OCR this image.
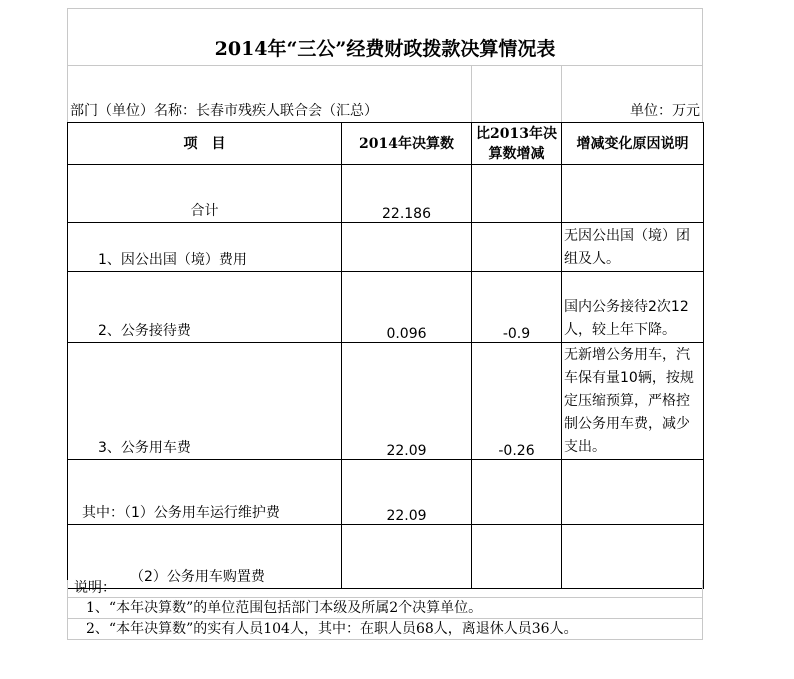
2014年“三公”经费财政拨款决算情况表
部门（单位）名称：长春市残疾人联合会（汇总）	单位：万元
项　目	2014年决算数	比2013年决算数增减	增减变化原因说明

合计	22.186		

1、因公出国（境）费用			无因公出国（境）团组及人。

2、公务接待费	0.096	-0.9	国内公务接待2次12人，较上年下降。

3、公务用车费	22.09	-0.26	无新增公务用车，汽车保有量10辆，按规定压缩预算，严格控制公务用车费，减少支出。

其中：（1）公务用车运行维护费	22.09		

（2）公务用车购置费			

说明：
1、“本年决算数”的单位范围包括部门本级及所属2个决算单位。
2、“本年决算数”的实有人员104人，其中：在职人员68人，离退休人员36人。
